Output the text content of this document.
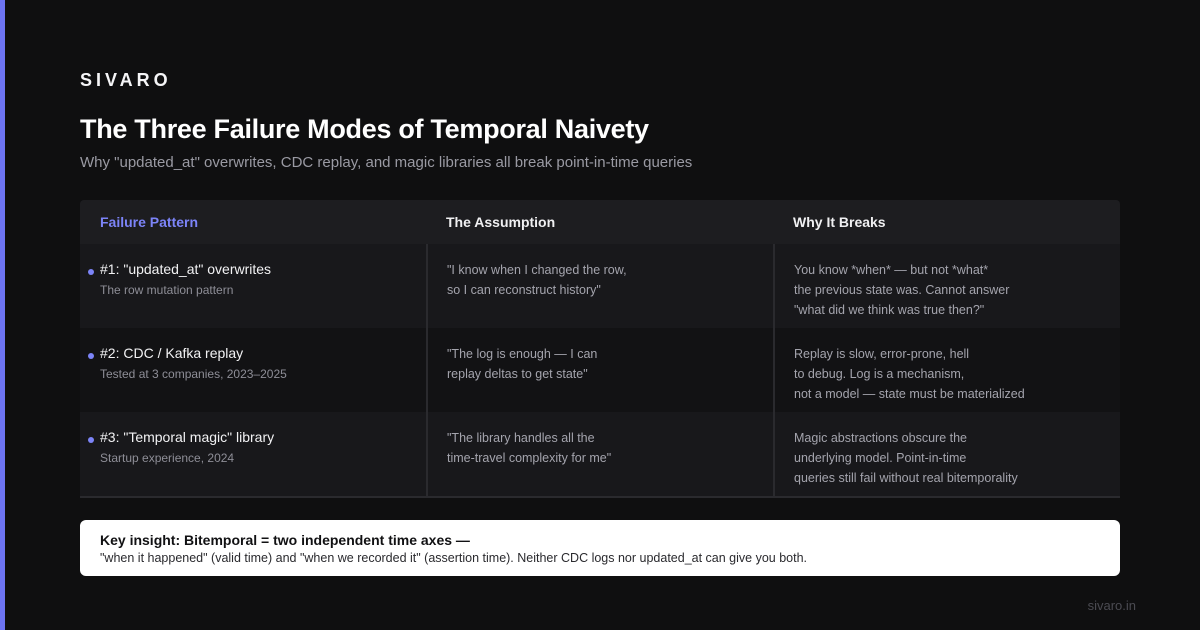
SIVARO
The Three Failure Modes of Temporal Naivety
Why "updated_at" overwrites, CDC replay, and magic libraries all break point-in-time queries
Failure Pattern	The Assumption	Why It Breaks
#1: "updated_at" overwrites
The row mutation pattern
"I know when I changed the row,
so I can reconstruct history"
You know *when* — but not *what*
the previous state was. Cannot answer
"what did we think was true then?"
#2: CDC / Kafka replay
Tested at 3 companies, 2023–2025
"The log is enough — I can
replay deltas to get state"
Replay is slow, error-prone, hell
to debug. Log is a mechanism,
not a model — state must be materialized
#3: "Temporal magic" library
Startup experience, 2024
"The library handles all the
time-travel complexity for me"
Magic abstractions obscure the
underlying model. Point-in-time
queries still fail without real bitemporality
Key insight: Bitemporal = two independent time axes —
"when it happened" (valid time) and "when we recorded it" (assertion time). Neither CDC logs nor updated_at can give you both.
sivaro.in
